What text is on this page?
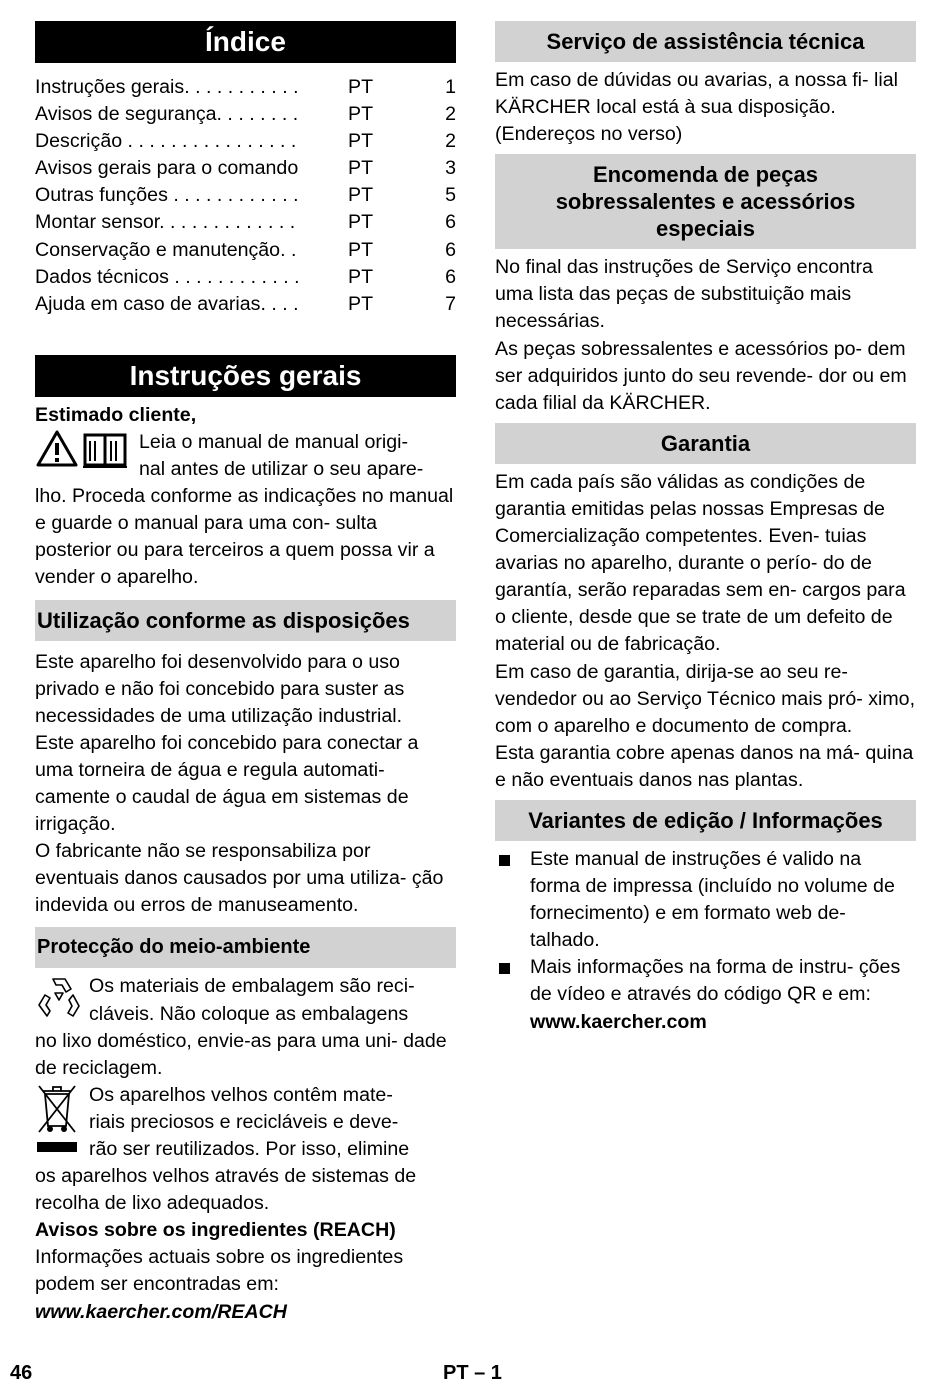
Índice
Instruções gerais. . . . . . . . . . .	PT	1
Avisos de segurança. . . . . . . .	PT	2
Descrição . . . . . . . . . . . . . . . .	PT	2
Avisos gerais para o comando	PT	3
Outras funções . . . . . . . . . . . .	PT	5
Montar sensor. . . . . . . . . . . . .	PT	6
Conservação e manutenção. .	PT	6
Dados técnicos . . . . . . . . . . . .	PT	6
Ajuda em caso de avarias. . . .	PT	7
Instruções gerais

Estimado cliente,

Leia o manual de manual origi-

nal antes de utilizar o seu apare-

lho. Proceda conforme as indicações no manual e guarde o manual para uma con- sulta posterior ou para terceiros a quem possa vir a vender o aparelho.

Utilização conforme as disposições

Este aparelho foi desenvolvido para o uso privado e não foi concebido para suster as necessidades de uma utilização industrial.

Este aparelho foi concebido para conectar a uma torneira de água e regula automati- camente o caudal de água em sistemas de irrigação.

O fabricante não se responsabiliza por eventuais danos causados por uma utiliza- ção indevida ou erros de manuseamento.

Protecção do meio-ambiente

Os materiais de embalagem são reci-

cláveis. Não coloque as embalagens

no lixo doméstico, envie-as para uma uni- dade de reciclagem.

Os aparelhos velhos contêm mate-

riais preciosos e recicláveis e deve-

rão ser reutilizados. Por isso, elimine

os aparelhos velhos através de sistemas de recolha de lixo adequados.

Avisos sobre os ingredientes (REACH)

Informações actuais sobre os ingredientes podem ser encontradas em:

www.kaercher.com/REACH

Serviço de assistência técnica

Em caso de dúvidas ou avarias, a nossa fi- lial KÄRCHER local está à sua disposição. (Endereços no verso)

Encomenda de peças
sobressalentes e acessórios
especiais

No final das instruções de Serviço encontra uma lista das peças de substituição mais necessárias.

As peças sobressalentes e acessórios po- dem ser adquiridos junto do seu revende- dor ou em cada filial da KÄRCHER.

Garantia

Em cada país são válidas as condições de garantia emitidas pelas nossas Empresas de Comercialização competentes. Even- tuias avarias no aparelho, durante o perío- do de garantía, serão reparadas sem en- cargos para o cliente, desde que se trate de um defeito de material ou de fabricação.

Em caso de garantia, dirija-se ao seu re- vendedor ou ao Serviço Técnico mais pró- ximo, com o aparelho e documento de compra.

Esta garantia cobre apenas danos na má- quina e não eventuais danos nas plantas.

Variantes de edição / Informações
Este manual de instruções é valido na forma de impressa (incluído no volume de fornecimento) e em formato web de- talhado.
Mais informações na forma de instru- ções de vídeo e através do código QR e em:
www.kaercher.com
46	PT – 1
